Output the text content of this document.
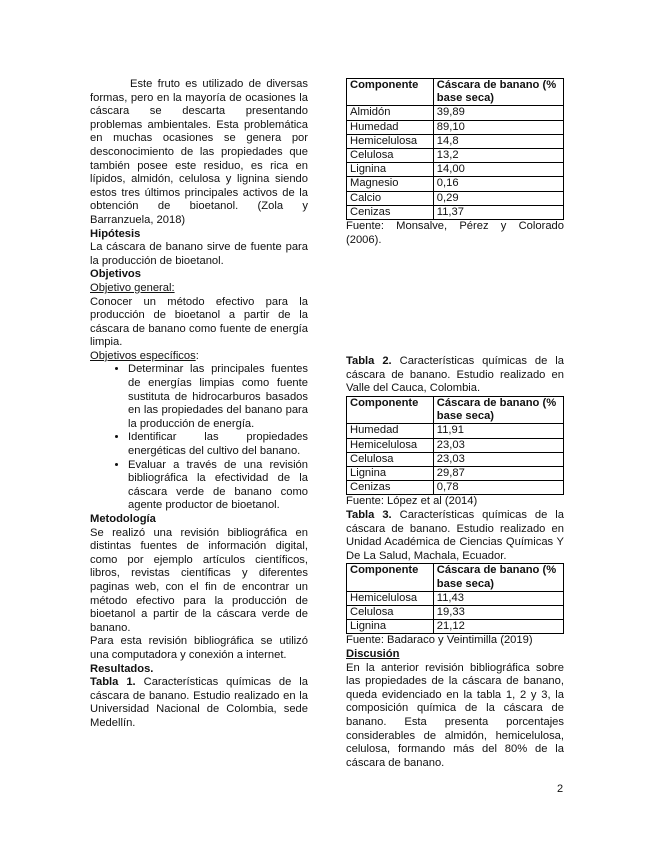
Este fruto es utilizado de diversas formas, pero en la mayoría de ocasiones la cáscara se descarta presentando problemas ambientales. Esta problemática en muchas ocasiones se genera por desconocimiento de las propiedades que también posee este residuo, es rica en lípidos, almidón, celulosa y lignina siendo estos tres últimos principales activos de la obtención de bioetanol. (Zola y Barranzuela, 2018)

Hipótesis

La cáscara de banano sirve de fuente para la producción de bioetanol.

Objetivos

Objetivo general:

Conocer un método efectivo para la producción de bioetanol a partir de la cáscara de banano como fuente de energía limpia.

Objetivos específicos:

• Determinar las principales fuentes de energías limpias como fuente sustituta de hidrocarburos basados en las propiedades del banano para la producción de energía.
• Identificar las propiedades energéticas del cultivo del banano.
• Evaluar a través de una revisión bibliográfica la efectividad de la cáscara verde de banano como agente productor de bioetanol.

Metodología

Se realizó una revisión bibliográfica en distintas fuentes de información digital, como por ejemplo artículos científicos, libros, revistas científicas y diferentes paginas web, con el fin de encontrar un método efectivo para la producción de bioetanol a partir de la cáscara verde de banano.

Para esta revisión bibliográfica se utilizó una computadora y conexión a internet.

Resultados.

Tabla 1. Características químicas de la cáscara de banano. Estudio realizado en la Universidad Nacional de Colombia, sede Medellín.

Componente	Cáscara de banano (% base seca)
Almidón	39,89
Humedad	89,10
Hemicelulosa	14,8
Celulosa	13,2
Lignina	14,00
Magnesio	0,16
Calcio	0,29
Cenizas	11,37

Fuente: Monsalve, Pérez y Colorado (2006).

Tabla 2. Características químicas de la cáscara de banano. Estudio realizado en Valle del Cauca, Colombia.

Componente	Cáscara de banano (% base seca)
Humedad	11,91
Hemicelulosa	23,03
Celulosa	23,03
Lignina	29,87
Cenizas	0,78

Fuente: López et al (2014)

Tabla 3. Características químicas de la cáscara de banano. Estudio realizado en Unidad Académica de Ciencias Químicas Y De La Salud, Machala, Ecuador.

Componente	Cáscara de banano (% base seca)
Hemicelulosa	11,43
Celulosa	19,33
Lignina	21,12

Fuente: Badaraco y Veintimilla (2019)

Discusión

En la anterior revisión bibliográfica sobre las propiedades de la cáscara de banano, queda evidenciado en la tabla 1, 2 y 3, la composición química de la cáscara de banano. Esta presenta porcentajes considerables de almidón, hemicelulosa, celulosa, formando más del 80% de la cáscara de banano.

2
